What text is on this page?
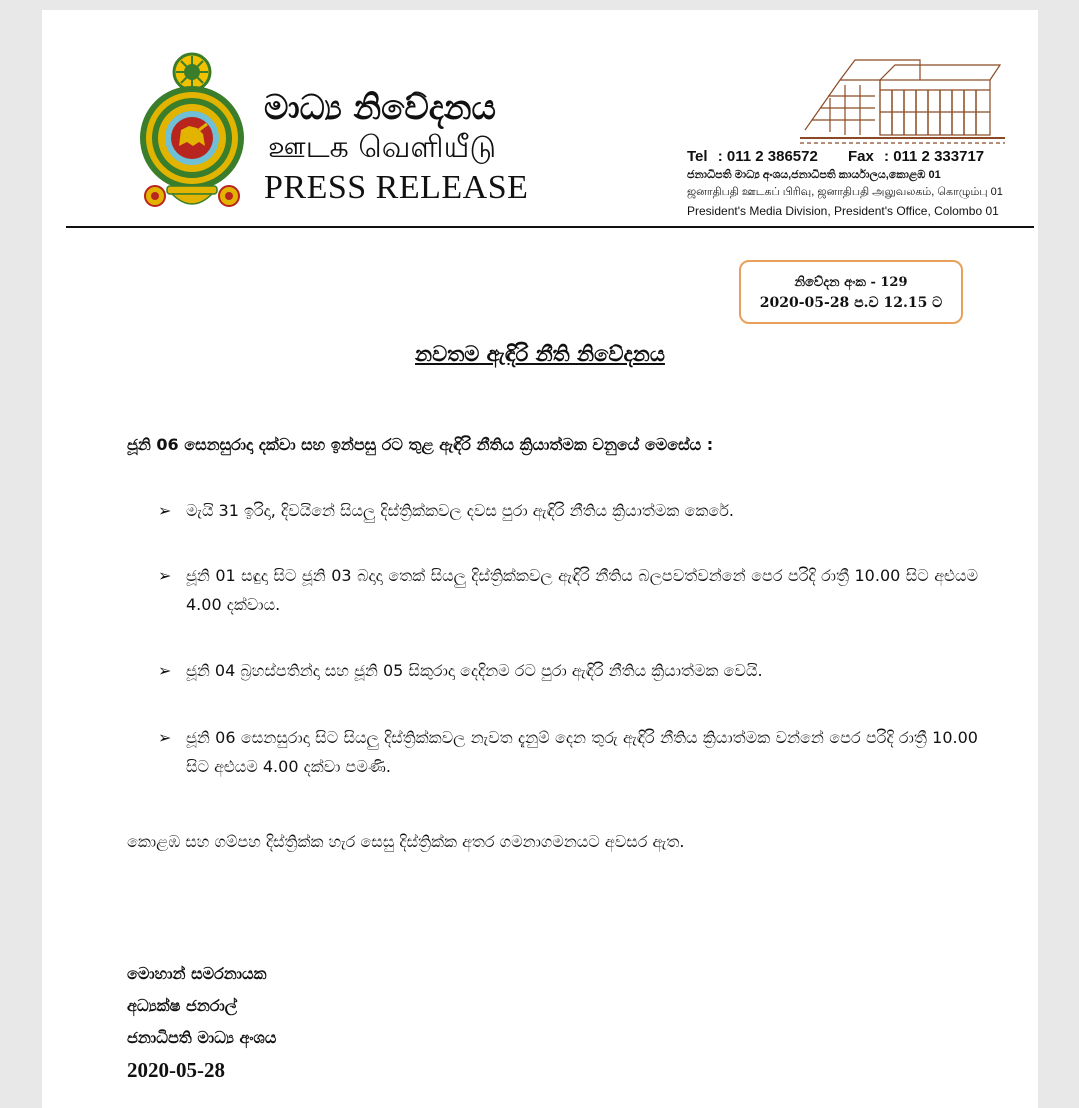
මාධ්‍ය නිවේදනය
ஊடக வெளியீடு
PRESS RELEASE
Tel : 011 2 386572 Fax : 011 2 333717
ජනාධිපති මාධ්‍ය අංශය,ජනාධිපති කාර්යාලය,කොළඹ 01
ஜனாதிபதி ஊடகப் பிரிவு, ஜனாதிபதி அலுவலகம், கொழும்பு 01
President's Media Division, President's Office, Colombo 01
නිවේදන අංක - 129
2020-05-28 ප.ව 12.15 ට
නවතම ඇඳිරි නීති නිවේදනය
ජූනි 06 සෙනසුරාදා දක්වා සහ ඉන්පසු රට තුළ ඇඳිරි නීතිය ක්‍රියාත්මක වනුයේ මෙසේය :
➢ මැයි 31 ඉරිදා, දිවයිනේ සියලු දිස්ත්‍රික්කවල දවස පුරා ඇඳිරි නීතිය ක්‍රියාත්මක කෙරේ.
➢ ජූනි 01 සඳුදා සිට ජූනි 03 බදාදා තෙක් සියලු දිස්ත්‍රික්කවල ඇඳිරි නීතිය බලපවත්වන්නේ පෙර පරිදි රාත්‍රී 10.00 සිට අළුයම 4.00 දක්වාය.
➢ ජූනි 04 බ්‍රහස්පතින්දා සහ ජූනි 05 සිකුරාදා දෙදිනම රට පුරා ඇඳිරි නීතිය ක්‍රියාත්මක වෙයි.
➢ ජූනි 06 සෙනසුරාදා සිට සියලු දිස්ත්‍රික්කවල නැවත දැනුම් දෙන තුරු ඇඳිරි නීතිය ක්‍රියාත්මක වන්නේ පෙර පරිදි රාත්‍රී 10.00 සිට අළුයම 4.00 දක්වා පමණි.
කොළඹ සහ ගම්පහ දිස්ත්‍රික්ක හැර සෙසු දිස්ත්‍රික්ක අතර ගමනාගමනයට අවසර ඇත.
මොහාන් සමරනායක
අධ්‍යක්ෂ ජනරාල්
ජනාධිපති මාධ්‍ය අංශය
2020-05-28
